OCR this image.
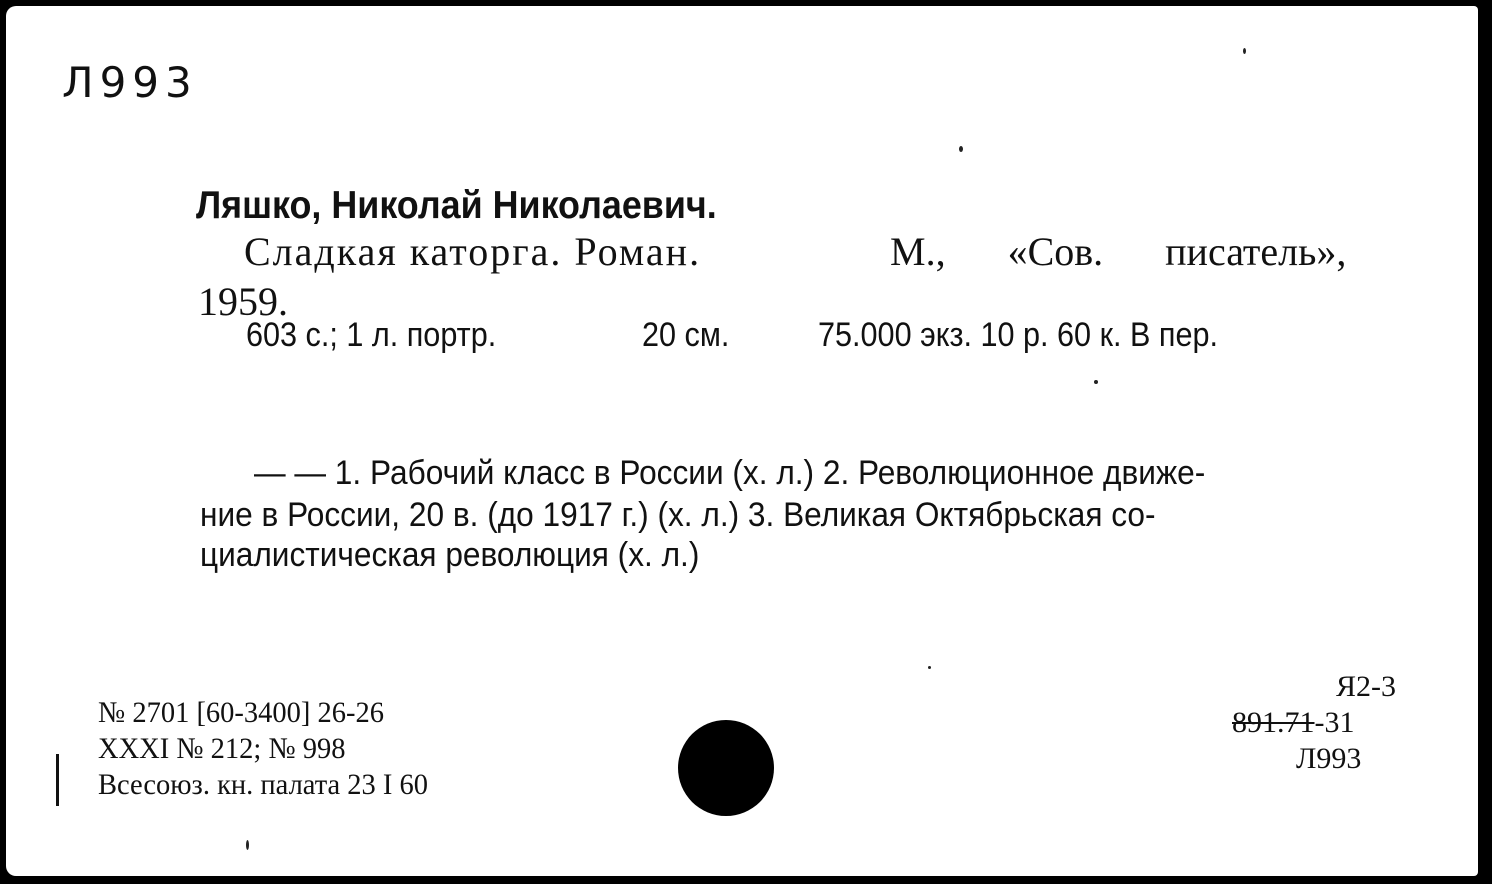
Л993
Ляшко, Николай Николаевич.
Сладкая каторга. Роман.	М., «Сов. писатель»,
1959.
603 с.; 1 л. портр.	20 см.	75.000 экз. 10 р. 60 к. В пер.
— — 1. Рабочий класс в России (х. л.) 2. Революционное движе-
ние в России, 20 в. (до 1917 г.) (х. л.) 3. Великая Октябрьская со-
циалистическая революция (х. л.)
№ 2701 [60-3400] 26-26
XXXI № 212; № 998
Всесоюз. кн. палата 23 I 60
Я2-3
891.71-31
Л993
